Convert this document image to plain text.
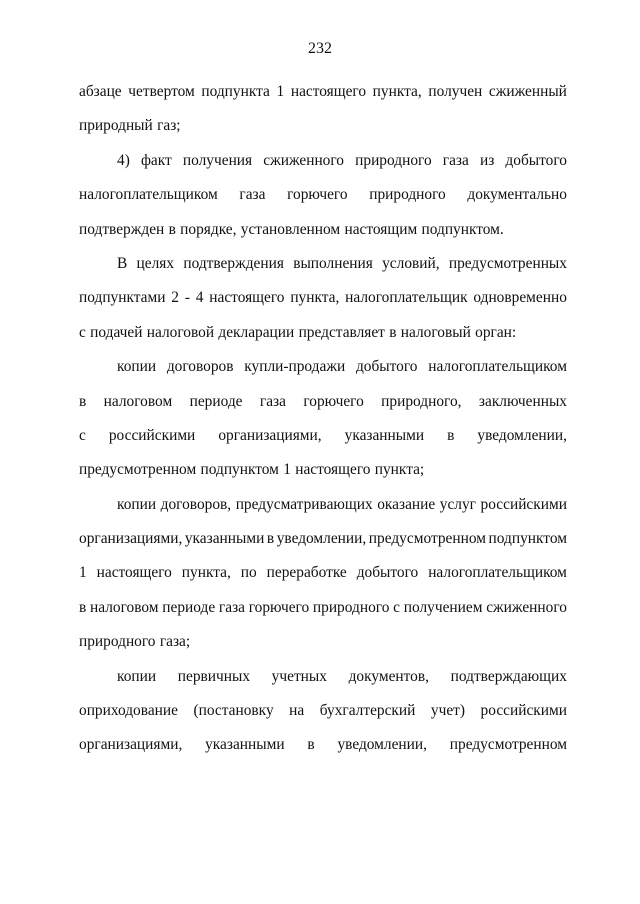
232
абзаце четвертом подпункта 1 настоящего пункта, получен сжиженный
природный газ;
4) факт получения сжиженного природного газа из добытого
налогоплательщиком газа горючего природного документально
подтвержден в порядке, установленном настоящим подпунктом.
В целях подтверждения выполнения условий, предусмотренных
подпунктами 2 - 4 настоящего пункта, налогоплательщик одновременно
с подачей налоговой декларации представляет в налоговый орган:
копии договоров купли-продажи добытого налогоплательщиком
в налоговом периоде газа горючего природного, заключенных
с российскими организациями, указанными в уведомлении,
предусмотренном подпунктом 1 настоящего пункта;
копии договоров, предусматривающих оказание услуг российскими
организациями, указанными в уведомлении, предусмотренном подпунктом
1 настоящего пункта, по переработке добытого налогоплательщиком
в налоговом периоде газа горючего природного с получением сжиженного
природного газа;
копии первичных учетных документов, подтверждающих
оприходование (постановку на бухгалтерский учет) российскими
организациями, указанными в уведомлении, предусмотренном
